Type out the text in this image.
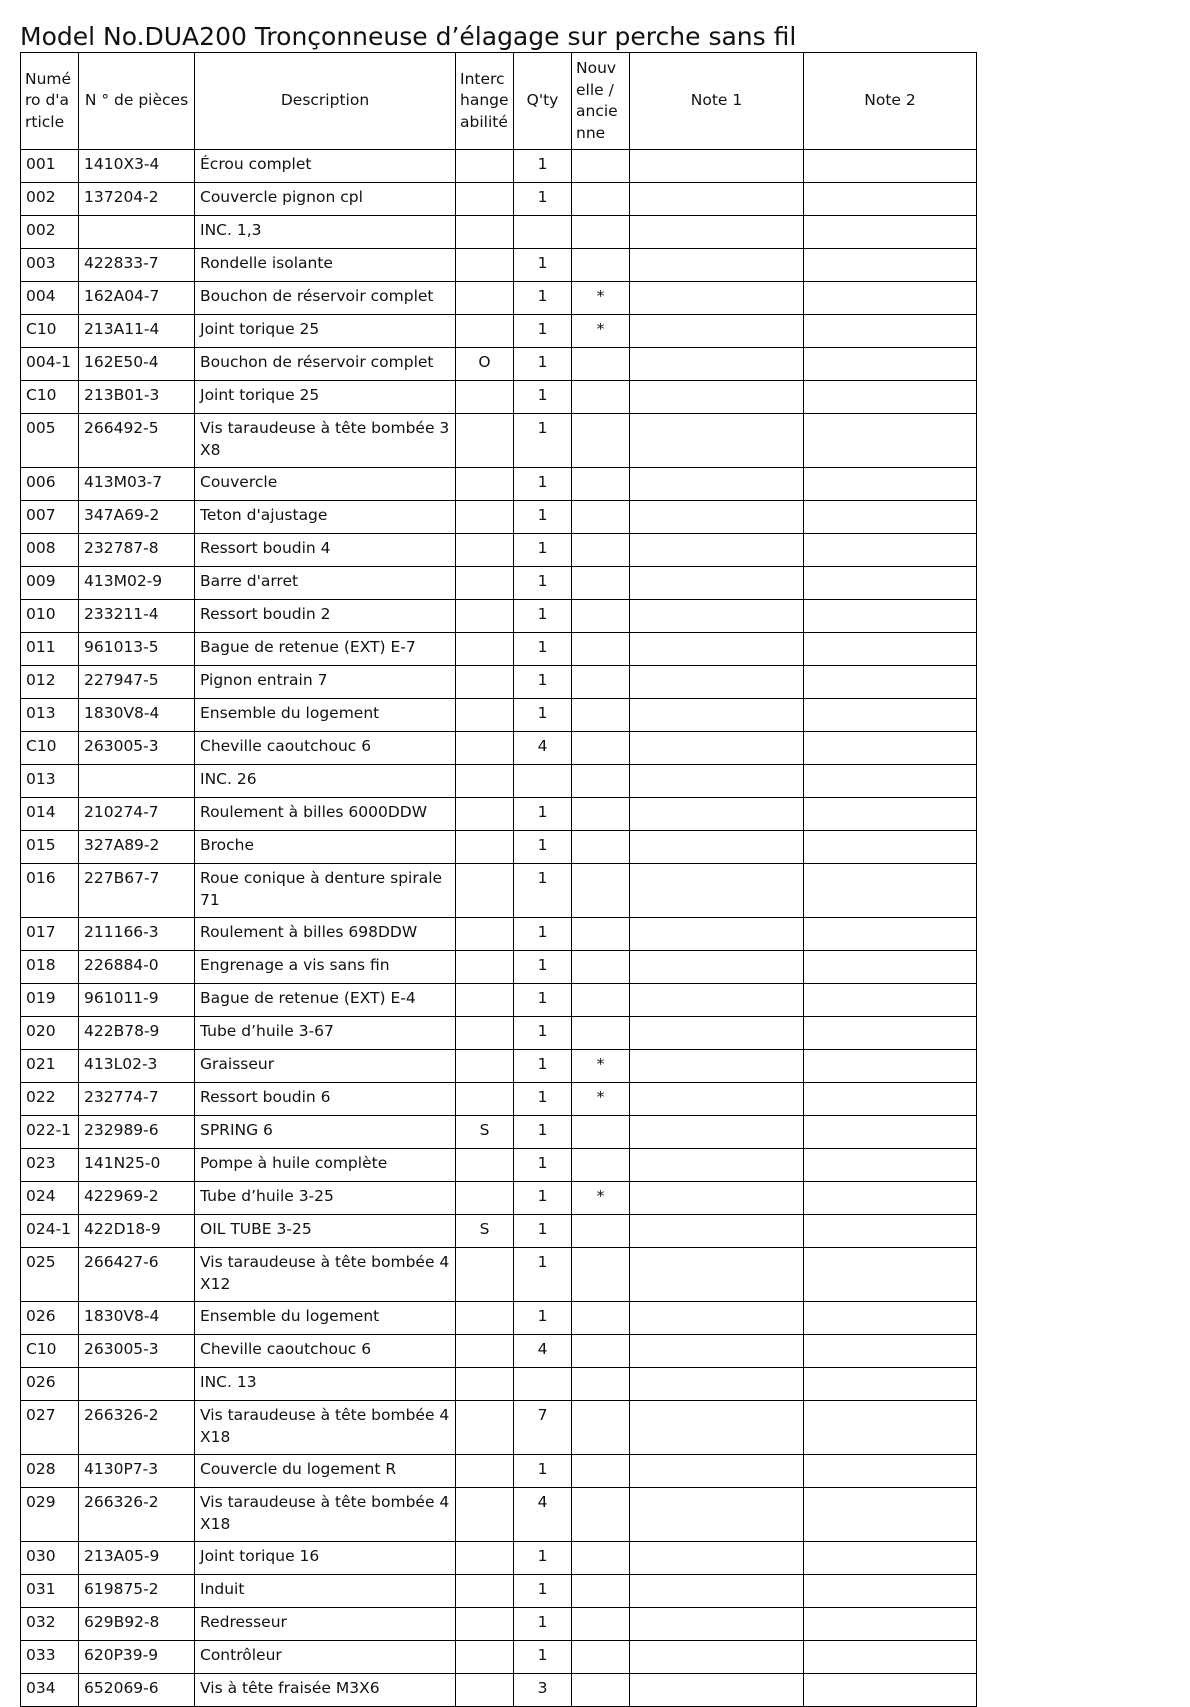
Model No.DUA200 Tronçonneuse d’élagage sur perche sans fil
Numéro d'article	N ° de pièces	Description	Interchangeabilité	Q'ty	Nouvelle / ancienne	Note 1	Note 2
001	1410X3-4	Écrou complet		1			
002	137204-2	Couvercle pignon cpl		1			
002		INC. 1,3					
003	422833-7	Rondelle isolante		1			
004	162A04-7	Bouchon de réservoir complet		1	*		
C10	213A11-4	Joint torique 25		1	*		
004-1	162E50-4	Bouchon de réservoir complet	O	1			
C10	213B01-3	Joint torique 25		1			
005	266492-5	Vis taraudeuse à tête bombée 3X8		1			
006	413M03-7	Couvercle		1			
007	347A69-2	Teton d'ajustage		1			
008	232787-8	Ressort boudin 4		1			
009	413M02-9	Barre d'arret		1			
010	233211-4	Ressort boudin 2		1			
011	961013-5	Bague de retenue (EXT) E-7		1			
012	227947-5	Pignon entrain 7		1			
013	1830V8-4	Ensemble du logement		1			
C10	263005-3	Cheville caoutchouc 6		4			
013		INC. 26					
014	210274-7	Roulement à billes 6000DDW		1			
015	327A89-2	Broche		1			
016	227B67-7	Roue conique à denture spirale 71		1			
017	211166-3	Roulement à billes 698DDW		1			
018	226884-0	Engrenage a vis sans fin		1			
019	961011-9	Bague de retenue (EXT) E-4		1			
020	422B78-9	Tube d’huile 3-67		1			
021	413L02-3	Graisseur		1	*		
022	232774-7	Ressort boudin 6		1	*		
022-1	232989-6	SPRING 6	S	1			
023	141N25-0	Pompe à huile complète		1			
024	422969-2	Tube d’huile 3-25		1	*		
024-1	422D18-9	OIL TUBE 3-25	S	1			
025	266427-6	Vis taraudeuse à tête bombée 4X12		1			
026	1830V8-4	Ensemble du logement		1			
C10	263005-3	Cheville caoutchouc 6		4			
026		INC. 13					
027	266326-2	Vis taraudeuse à tête bombée 4X18		7			
028	4130P7-3	Couvercle du logement R		1			
029	266326-2	Vis taraudeuse à tête bombée 4X18		4			
030	213A05-9	Joint torique 16		1			
031	619875-2	Induit		1			
032	629B92-8	Redresseur		1			
033	620P39-9	Contrôleur		1			
034	652069-6	Vis à tête fraisée M3X6		3			
